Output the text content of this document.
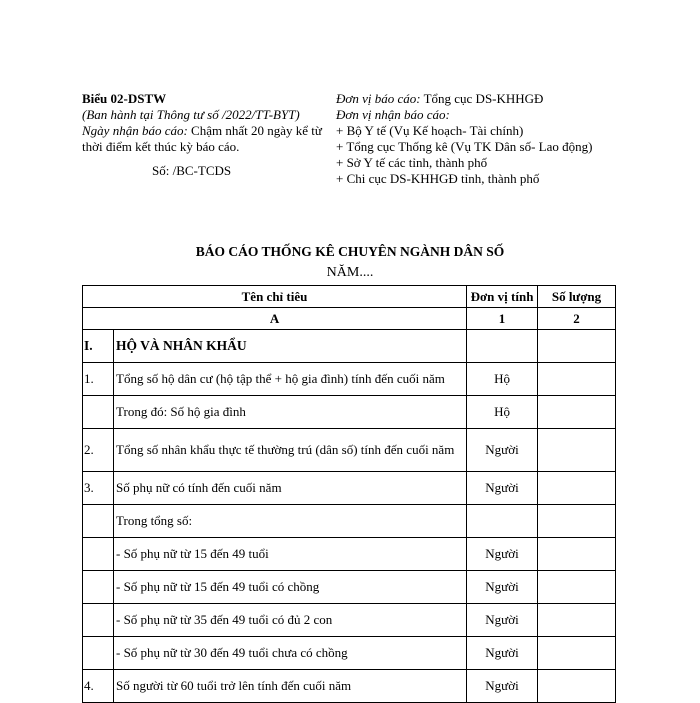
Biểu 02-DSTW
(Ban hành tại Thông tư số /2022/TT-BYT)
Ngày nhận báo cáo: Chậm nhất 20 ngày kể từ thời điểm kết thúc kỳ báo cáo.
Số: /BC-TCDS
Đơn vị báo cáo: Tổng cục DS-KHHGĐ
Đơn vị nhận báo cáo:
+ Bộ Y tế (Vụ Kế hoạch- Tài chính)
+ Tổng cục Thống kê (Vụ TK Dân số- Lao động)
+ Sở Y tế các tỉnh, thành phố
+ Chi cục DS-KHHGĐ tỉnh, thành phố
BÁO CÁO THỐNG KÊ CHUYÊN NGÀNH DÂN SỐ
NĂM....
Tên chỉ tiêu		Đơn vị tính	Số lượng
A		1	2
I.	HỘ VÀ NHÂN KHẨU		
1.	Tổng số hộ dân cư (hộ tập thể + hộ gia đình) tính đến cuối năm	Hộ	
	Trong đó: Số hộ gia đình	Hộ	
2.	Tổng số nhân khẩu thực tế thường trú (dân số) tính đến cuối năm	Người	
3.	Số phụ nữ có tính đến cuối năm	Người	
	Trong tổng số:		
	- Số phụ nữ từ 15 đến 49 tuổi	Người	
	- Số phụ nữ từ 15 đến 49 tuổi có chồng	Người	
	- Số phụ nữ từ 35 đến 49 tuổi có đủ 2 con	Người	
	- Số phụ nữ từ 30 đến 49 tuổi chưa có chồng	Người	
4.	Số người từ 60 tuổi trở lên tính đến cuối năm	Người	
